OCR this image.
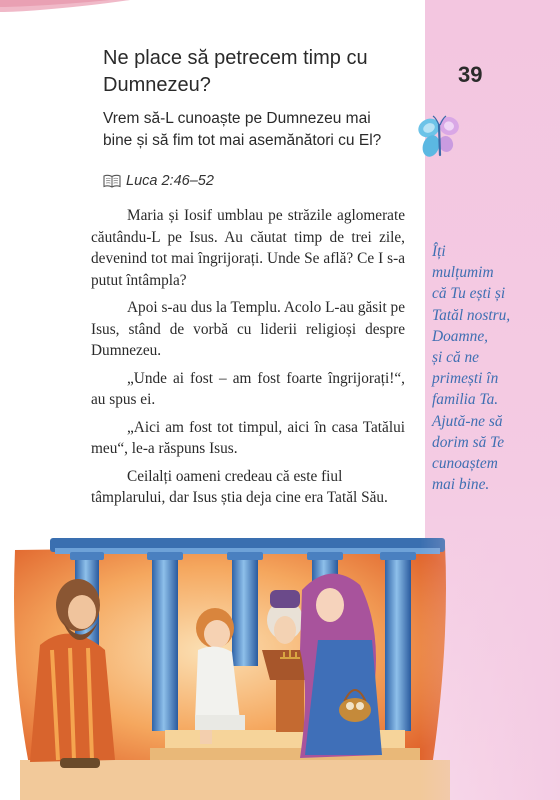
39

Îți
mulțumim
că Tu ești și
Tatăl nostru,
Doamne,
și că ne
primești în
familia Ta.
Ajută-ne să
dorim să Te
cunoaștem
mai bine.

Ne place să petrecem timp cu Dumnezeu?

Vrem să-L cunoaște pe Dumnezeu mai bine și să fim tot mai asemănători cu El?

Luca 2:46–52

Maria și Iosif umblau pe străzile aglomerate căutându-L pe Isus. Au căutat timp de trei zile, devenind tot mai îngrijorați. Unde Se află? Ce I s-a putut întâmpla?

Apoi s-au dus la Templu. Acolo L-au găsit pe Isus, stând de vorbă cu liderii religioși despre Dumnezeu.

„Unde ai fost – am fost foarte îngrijorați!“, au spus ei.

„Aici am fost tot timpul, aici în casa Tatălui meu“, le-a răspuns Isus.

Ceilalți oameni credeau că este fiul tâmplarului, dar Isus știa deja cine era Tatăl Său.
